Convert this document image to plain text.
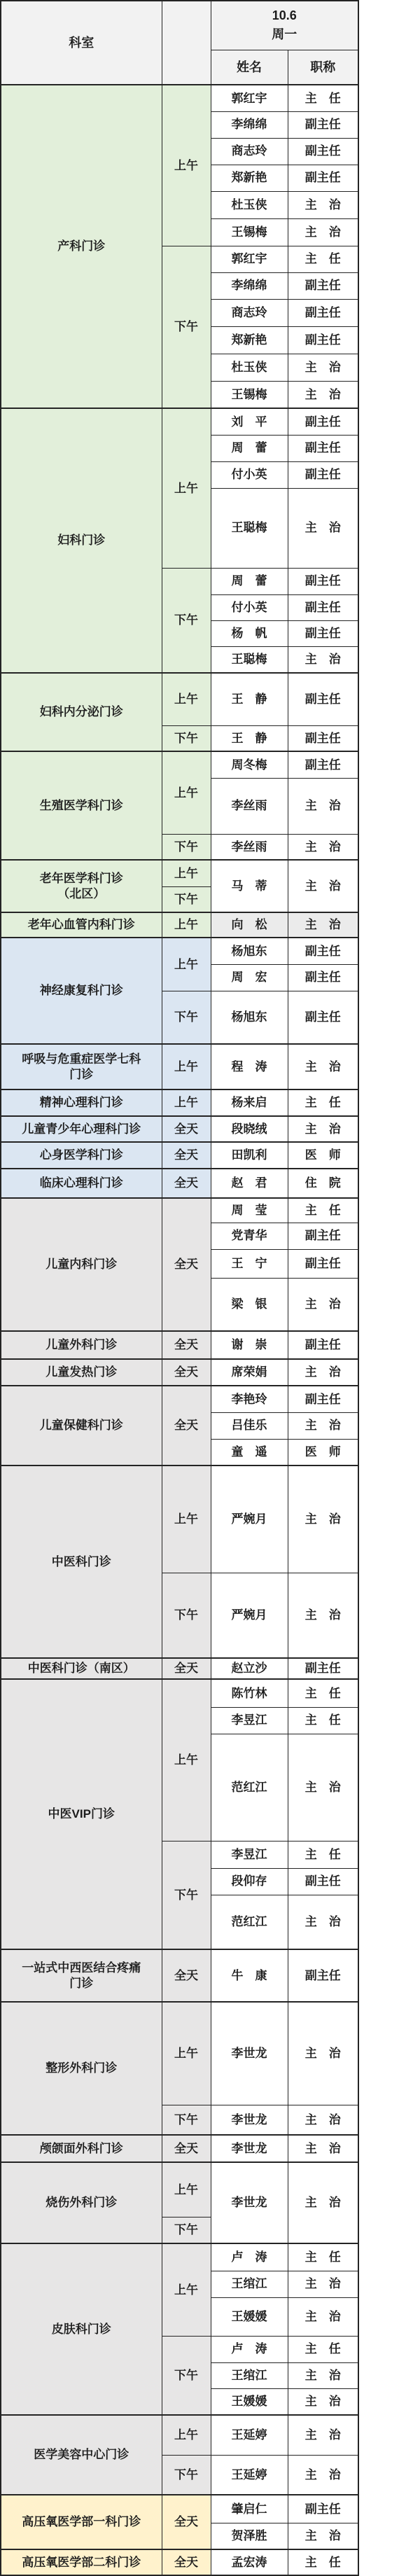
科室		10.6
周一	

		姓名	职称
产科门诊	上午	郭红宇	主　任
		李绵绵	副主任
		商志玲	副主任
		郑新艳	副主任
		杜玉侠	主　治
		王锡梅	主　治
	下午	郭红宇	主　任
		李绵绵	副主任
		商志玲	副主任
		郑新艳	副主任
		杜玉侠	主　治
		王锡梅	主　治
妇科门诊	上午	刘　平	副主任
		周　蕾	副主任
		付小英	副主任
		王聪梅	主　治
	下午	周　蕾	副主任
		付小英	副主任
		杨　帆	副主任
		王聪梅	主　治
妇科内分泌门诊	上午	王　静	副主任
	下午	王　静	副主任
生殖医学科门诊	上午	周冬梅	副主任
		李丝雨	主　治
	下午	李丝雨	主　治
老年医学科门诊
（北区）	上午	马　蒂	主　治
	下午		
老年心血管内科门诊	上午	向　松	主　治
神经康复科门诊	上午	杨旭东	副主任
		周　宏	副主任
	下午	杨旭东	副主任
呼吸与危重症医学七科
门诊	上午	程　涛	主　治
精神心理科门诊	上午	杨来启	主　任
儿童青少年心理科门诊	全天	段晓绒	主　治
心身医学科门诊	全天	田凯利	医　师
临床心理科门诊	全天	赵　君	住　院
儿童内科门诊	全天	周　莹	主　任
		党青华	副主任
		王　宁	副主任
		梁　银	主　治
儿童外科门诊	全天	谢　崇	副主任
儿童发热门诊	全天	席荣娟	主　治
儿童保健科门诊	全天	李艳玲	副主任
		吕佳乐	主　治
		童　遥	医　师
中医科门诊	上午	严婉月	主　治
	下午	严婉月	主　治
中医科门诊（南区）	全天	赵立沙	副主任
中医VIP门诊	上午	陈竹林	主　任
		李昱江	主　任
		范红江	主　治
	下午	李昱江	主　任
		段仰存	副主任
		范红江	主　治
一站式中西医结合疼痛
门诊	全天	牛　康	副主任
整形外科门诊	上午	李世龙	主　治
	下午	李世龙	主　治
颅颌面外科门诊	全天	李世龙	主　治
烧伤外科门诊	上午	李世龙	主　治
	下午		
皮肤科门诊	上午	卢　涛	主　任
		王绾江	主　治
		王媛媛	主　治
	下午	卢　涛	主　任
		王绾江	主　治
		王媛媛	主　治
医学美容中心门诊	上午	王延婷	主　治
	下午	王延婷	主　治
高压氧医学部一科门诊	全天	肇启仁	副主任
		贺泽胜	主　治
高压氧医学部二科门诊	全天	孟宏涛	主　任
